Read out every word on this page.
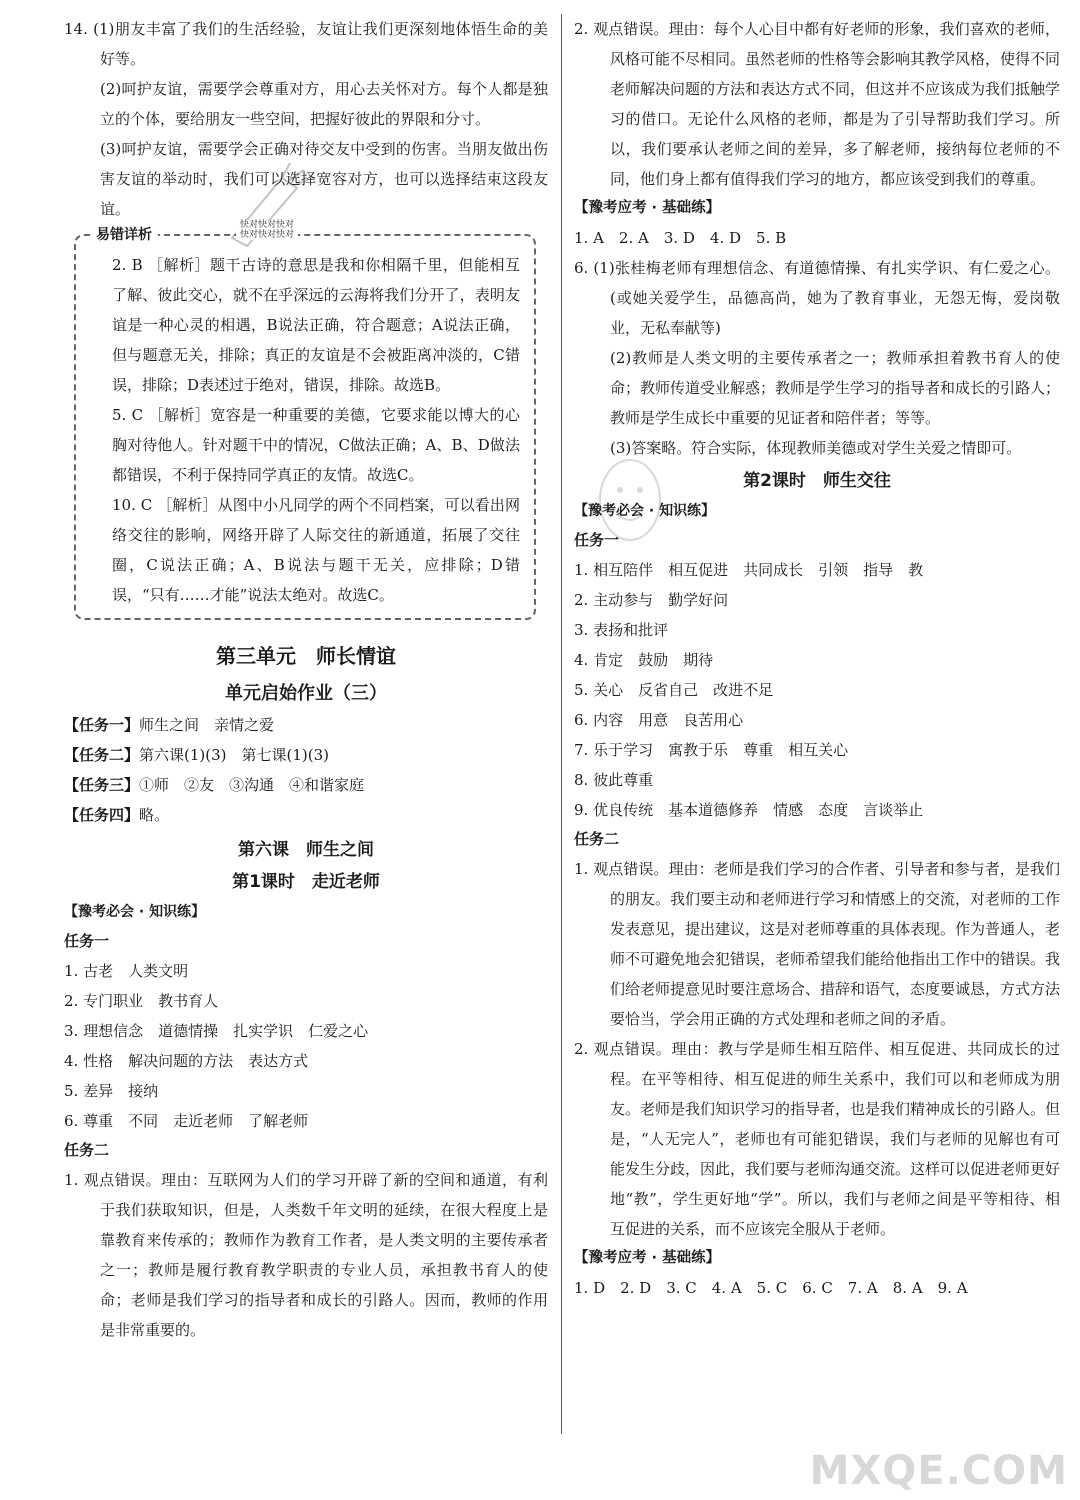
14. (1)朋友丰富了我们的生活经验，友谊让我们更深刻地体悟生命的美好等。

(2)呵护友谊，需要学会尊重对方，用心去关怀对方。每个人都是独立的个体，要给朋友一些空间，把握好彼此的界限和分寸。

(3)呵护友谊，需要学会正确对待交友中受到的伤害。当朋友做出伤害友谊的举动时，我们可以选择宽容对方，也可以选择结束这段友谊。

易错详析
快对快对快对
快对快对快对

2. B ［解析］题干古诗的意思是我和你相隔千里，但能相互了解、彼此交心，就不在乎深远的云海将我们分开了，表明友谊是一种心灵的相遇，B说法正确，符合题意；A说法正确，但与题意无关，排除；真正的友谊是不会被距离冲淡的，C错误，排除；D表述过于绝对，错误，排除。故选B。

5. C ［解析］宽容是一种重要的美德，它要求能以博大的心胸对待他人。针对题干中的情况，C做法正确；A、B、D做法都错误，不利于保持同学真正的友情。故选C。

10. C ［解析］从图中小凡同学的两个不同档案，可以看出网络交往的影响，网络开辟了人际交往的新通道，拓展了交往圈，C说法正确；A、B说法与题干无关，应排除；D错误，“只有……才能”说法太绝对。故选C。

第三单元　师长情谊

单元启始作业（三）

【任务一】师生之间　亲情之爱

【任务二】第六课(1)(3)　第七课(1)(3)

【任务三】①师　②友　③沟通　④和谐家庭

【任务四】略。

第六课　师生之间

第1课时　走近老师

【豫考必会 · 知识练】

任务一

1. 古老　人类文明

2. 专门职业　教书育人

3. 理想信念　道德情操　扎实学识　仁爱之心

4. 性格　解决问题的方法　表达方式

5. 差异　接纳

6. 尊重　不同　走近老师　了解老师

任务二

1. 观点错误。理由：互联网为人们的学习开辟了新的空间和通道，有利于我们获取知识，但是，人类数千年文明的延续，在很大程度上是靠教育来传承的；教师作为教育工作者，是人类文明的主要传承者之一；教师是履行教育教学职责的专业人员，承担教书育人的使命；老师是我们学习的指导者和成长的引路人。因而，教师的作用是非常重要的。

2. 观点错误。理由：每个人心目中都有好老师的形象，我们喜欢的老师，风格可能不尽相同。虽然老师的性格等会影响其教学风格，使得不同老师解决问题的方法和表达方式不同，但这并不应该成为我们抵触学习的借口。无论什么风格的老师，都是为了引导帮助我们学习。所以，我们要承认老师之间的差异，多了解老师，接纳每位老师的不同，他们身上都有值得我们学习的地方，都应该受到我们的尊重。

【豫考应考 · 基础练】

1. A　2. A　3. D　4. D　5. B

6. (1)张桂梅老师有理想信念、有道德情操、有扎实学识、有仁爱之心。(或她关爱学生，品德高尚，她为了教育事业，无怨无悔，爱岗敬业，无私奉献等)

(2)教师是人类文明的主要传承者之一；教师承担着教书育人的使命；教师传道受业解惑；教师是学生学习的指导者和成长的引路人；教师是学生成长中重要的见证者和陪伴者；等等。

(3)答案略。符合实际，体现教师美德或对学生关爱之情即可。

第2课时　师生交往

【豫考必会 · 知识练】

任务一

1. 相互陪伴　相互促进　共同成长　引领　指导　教

2. 主动参与　勤学好问

3. 表扬和批评

4. 肯定　鼓励　期待

5. 关心　反省自己　改进不足

6. 内容　用意　良苦用心

7. 乐于学习　寓教于乐　尊重　相互关心

8. 彼此尊重

9. 优良传统　基本道德修养　情感　态度　言谈举止

任务二

1. 观点错误。理由：老师是我们学习的合作者、引导者和参与者，是我们的朋友。我们要主动和老师进行学习和情感上的交流，对老师的工作发表意见，提出建议，这是对老师尊重的具体表现。作为普通人，老师不可避免地会犯错误，老师希望我们能给他指出工作中的错误。我们给老师提意见时要注意场合、措辞和语气，态度要诚恳，方式方法要恰当，学会用正确的方式处理和老师之间的矛盾。

2. 观点错误。理由：教与学是师生相互陪伴、相互促进、共同成长的过程。在平等相待、相互促进的师生关系中，我们可以和老师成为朋友。老师是我们知识学习的指导者，也是我们精神成长的引路人。但是，“人无完人”，老师也有可能犯错误，我们与老师的见解也有可能发生分歧，因此，我们要与老师沟通交流。这样可以促进老师更好地“教”，学生更好地“学”。所以，我们与老师之间是平等相待、相互促进的关系，而不应该完全服从于老师。

【豫考应考 · 基础练】

1. D　2. D　3. C　4. A　5. C　6. C　7. A　8. A　9. A

MXQE.COM
